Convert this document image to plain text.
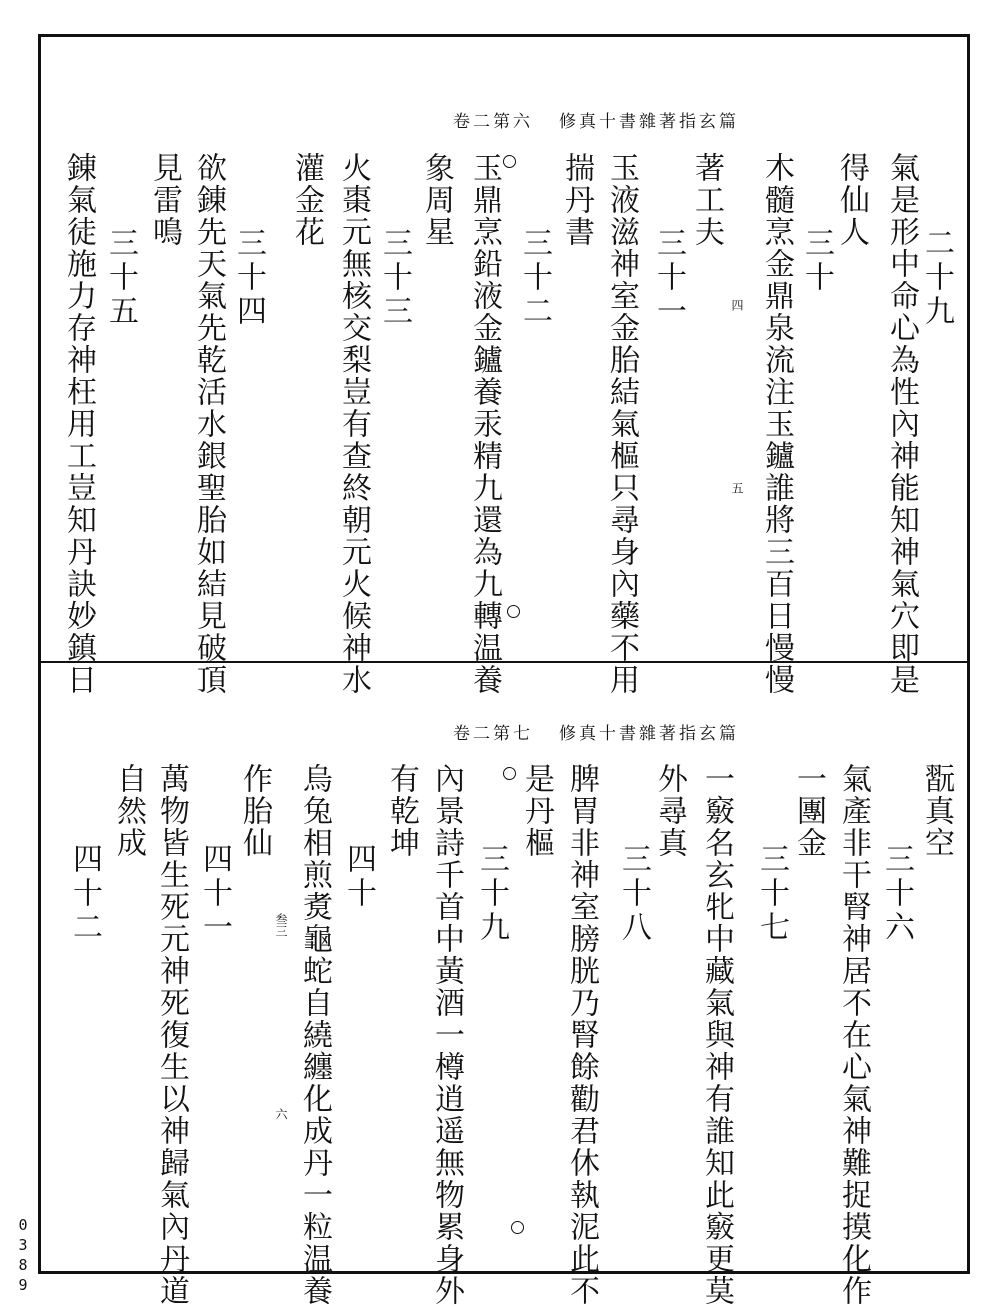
卷二第六 修真十書雜著指玄篇
氣是形中命心為性內神能知神氣穴即是
得仙人
二十九
三十
木髓烹金鼎泉流注玉鑪誰將三百日慢慢
著工夫
三十一
玉液滋神室金胎結氣樞只尋身內藥不用
揣丹書
三十二
玉鼎烹鉛液金鑪養汞精九還為九轉温養
象周星
三十三
火棗元無核交梨豈有查終朝元火候神水
灌金花
三十四
欲錬先天氣先乾活水銀聖胎如結見破頂
見雷鳴
三十五
錬氣徒施力存神枉用工豈知丹訣妙鎮日	四
五
卷二第七 修真十書雜著指玄篇
翫真空
三十六
氣產非干腎神居不在心氣神難捉摸化作
一團金
三十七
一竅名玄牝中藏氣與神有誰知此竅更莫
外尋真
三十八
脾胃非神室膀胱乃腎餘勸君休執泥此不
是丹樞
三十九
內景詩千首中黃酒一樽逍遥無物累身外
有乾坤
四十
烏兔相煎煑龜蛇自繞纏化成丹一粒温養
作胎仙
四十一
萬物皆生死元神死復生以神歸氣內丹道
自然成
四十二	叁三
六
0389
